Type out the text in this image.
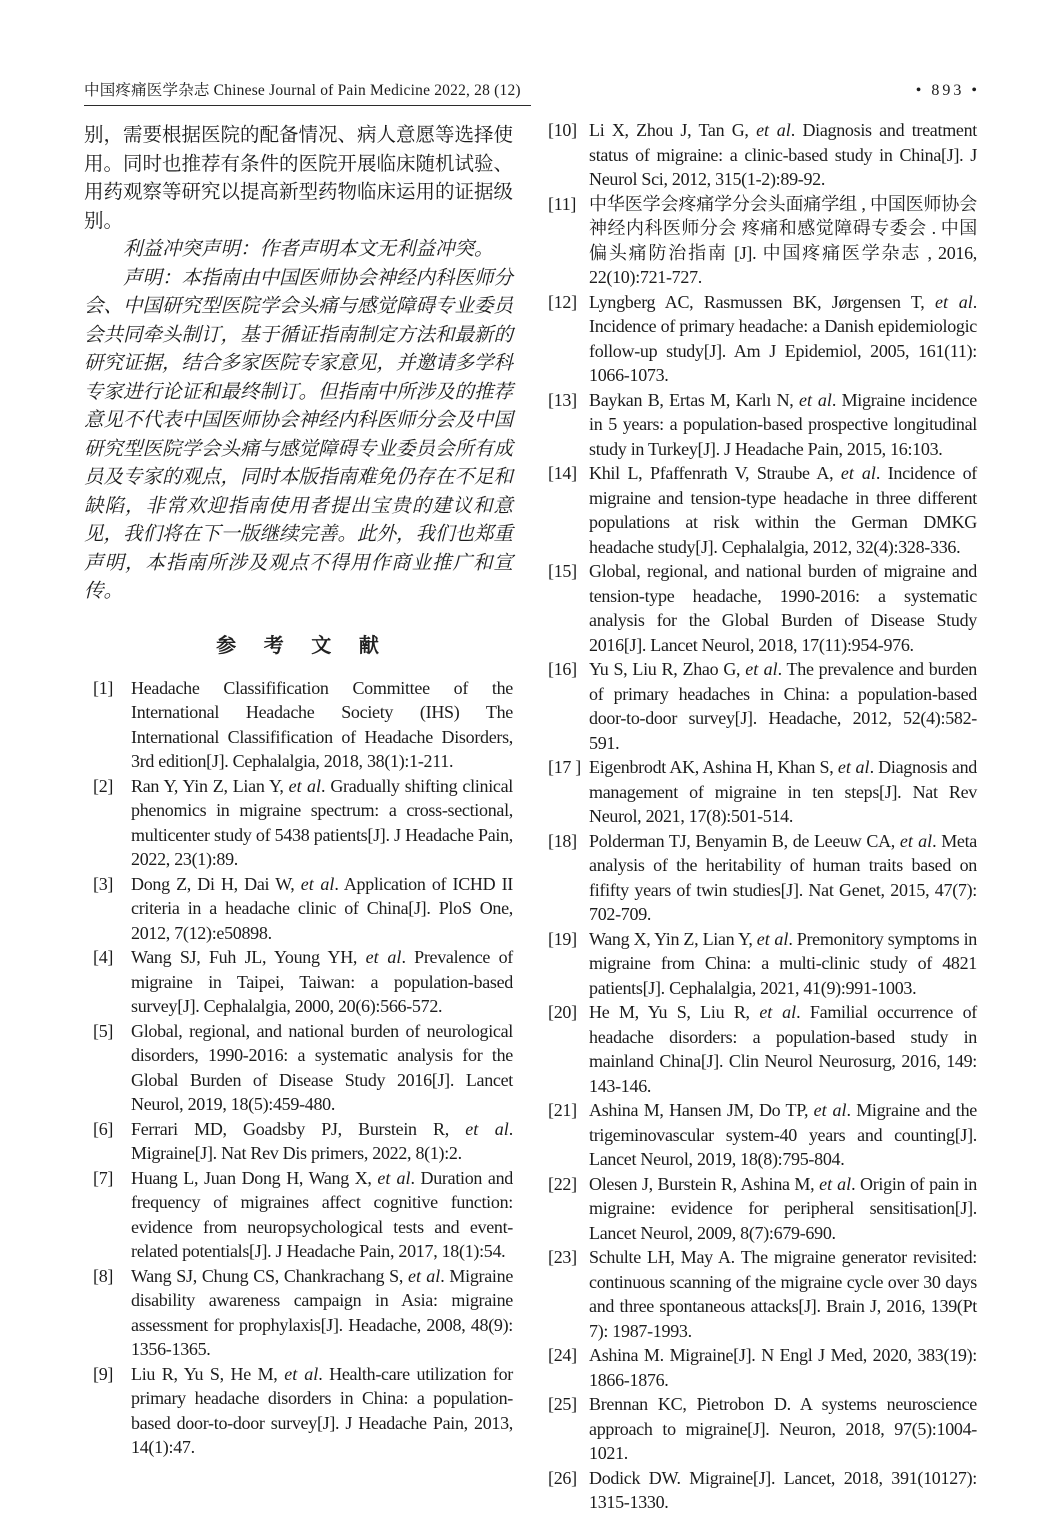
中国疼痛医学杂志 Chinese Journal of Pain Medicine 2022, 28 (12)	• 893 •

别，需要根据医院的配备情况、病人意愿等选择使用。同时也推荐有条件的医院开展临床随机试验、用药观察等研究以提高新型药物临床运用的证据级别。

利益冲突声明：作者声明本文无利益冲突。

声明：本指南由中国医师协会神经内科医师分会、中国研究型医院学会头痛与感觉障碍专业委员会共同牵头制订，基于循证指南制定方法和最新的研究证据，结合多家医院专家意见，并邀请多学科专家进行论证和最终制订。但指南中所涉及的推荐意见不代表中国医师协会神经内科医师分会及中国研究型医院学会头痛与感觉障碍专业委员会所有成员及专家的观点，同时本版指南难免仍存在不足和缺陷，非常欢迎指南使用者提出宝贵的建议和意见，我们将在下一版继续完善。此外，我们也郑重声明，本指南所涉及观点不得用作商业推广和宣传。

参 考 文 献
[1] Headache Classifification Committee of the International Headache Society (IHS) The International Classifification of Headache Disorders, 3rd edition[J]. Cephalalgia, 2018, 38(1):1-211.
[2] Ran Y, Yin Z, Lian Y, et al. Gradually shifting clinical phenomics in migraine spectrum: a cross-sectional, multicenter study of 5438 patients[J]. J Headache Pain, 2022, 23(1):89.
[3] Dong Z, Di H, Dai W, et al. Application of ICHD II criteria in a headache clinic of China[J]. PloS One, 2012, 7(12):e50898.
[4] Wang SJ, Fuh JL, Young YH, et al. Prevalence of migraine in Taipei, Taiwan: a population-based survey[J]. Cephalalgia, 2000, 20(6):566-572.
[5] Global, regional, and national burden of neurological disorders, 1990-2016: a systematic analysis for the Global Burden of Disease Study 2016[J]. Lancet Neurol, 2019, 18(5):459-480.
[6] Ferrari MD, Goadsby PJ, Burstein R, et al. Migraine[J]. Nat Rev Dis primers, 2022, 8(1):2.
[7] Huang L, Juan Dong H, Wang X, et al. Duration and frequency of migraines affect cognitive function: evidence from neuropsychological tests and event-related potentials[J]. J Headache Pain, 2017, 18(1):54.
[8] Wang SJ, Chung CS, Chankrachang S, et al. Migraine disability awareness campaign in Asia: migraine assessment for prophylaxis[J]. Headache, 2008, 48(9): 1356-1365.
[9] Liu R, Yu S, He M, et al. Health-care utilization for primary headache disorders in China: a population-based door-to-door survey[J]. J Headache Pain, 2013, 14(1):47.
[10] Li X, Zhou J, Tan G, et al. Diagnosis and treatment status of migraine: a clinic-based study in China[J]. J Neurol Sci, 2012, 315(1-2):89-92.
[11] 中华医学会疼痛学分会头面痛学组 , 中国医师协会神经内科医师分会 疼痛和感觉障碍专委会 . 中国偏头痛防治指南 [J]. 中国疼痛医学杂志 , 2016, 22(10):721-727.
[12] Lyngberg AC, Rasmussen BK, Jørgensen T, et al. Incidence of primary headache: a Danish epidemiologic follow-up study[J]. Am J Epidemiol, 2005, 161(11): 1066-1073.
[13] Baykan B, Ertas M, Karlı N, et al. Migraine incidence in 5 years: a population-based prospective longitudinal study in Turkey[J]. J Headache Pain, 2015, 16:103.
[14] Khil L, Pfaffenrath V, Straube A, et al. Incidence of migraine and tension-type headache in three different populations at risk within the German DMKG headache study[J]. Cephalalgia, 2012, 32(4):328-336.
[15] Global, regional, and national burden of migraine and tension-type headache, 1990-2016: a systematic analysis for the Global Burden of Disease Study 2016[J]. Lancet Neurol, 2018, 17(11):954-976.
[16] Yu S, Liu R, Zhao G, et al. The prevalence and burden of primary headaches in China: a population-based door-to-door survey[J]. Headache, 2012, 52(4):582-591.
[17 ] Eigenbrodt AK, Ashina H, Khan S, et al. Diagnosis and management of migraine in ten steps[J]. Nat Rev Neurol, 2021, 17(8):501-514.
[18] Polderman TJ, Benyamin B, de Leeuw CA, et al. Meta analysis of the heritability of human traits based on fififty years of twin studies[J]. Nat Genet, 2015, 47(7): 702-709.
[19] Wang X, Yin Z, Lian Y, et al. Premonitory symptoms in migraine from China: a multi-clinic study of 4821 patients[J]. Cephalalgia, 2021, 41(9):991-1003.
[20] He M, Yu S, Liu R, et al. Familial occurrence of headache disorders: a population-based study in mainland China[J]. Clin Neurol Neurosurg, 2016, 149: 143-146.
[21] Ashina M, Hansen JM, Do TP, et al. Migraine and the trigeminovascular system-40 years and counting[J]. Lancet Neurol, 2019, 18(8):795-804.
[22] Olesen J, Burstein R, Ashina M, et al. Origin of pain in migraine: evidence for peripheral sensitisation[J]. Lancet Neurol, 2009, 8(7):679-690.
[23] Schulte LH, May A. The migraine generator revisited: continuous scanning of the migraine cycle over 30 days and three spontaneous attacks[J]. Brain J, 2016, 139(Pt 7): 1987-1993.
[24] Ashina M. Migraine[J]. N Engl J Med, 2020, 383(19): 1866-1876.
[25] Brennan KC, Pietrobon D. A systems neuroscience approach to migraine[J]. Neuron, 2018, 97(5):1004-1021.
[26] Dodick DW. Migraine[J]. Lancet, 2018, 391(10127): 1315-1330.
